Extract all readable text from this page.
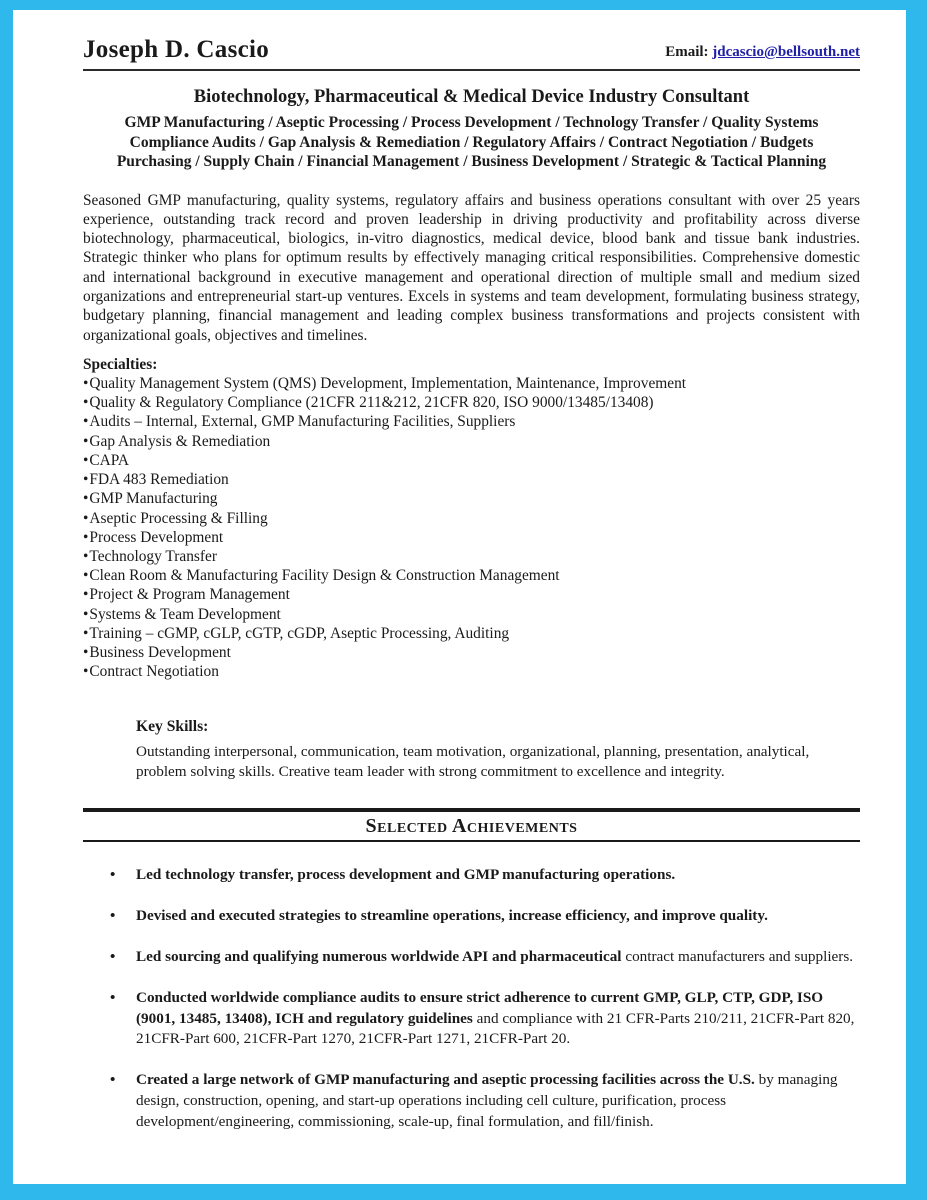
Joseph D. Cascio	Email: jdcascio@bellsouth.net
Biotechnology, Pharmaceutical & Medical Device Industry Consultant
GMP Manufacturing / Aseptic Processing / Process Development / Technology Transfer / Quality Systems
Compliance Audits / Gap Analysis & Remediation / Regulatory Affairs / Contract Negotiation / Budgets
Purchasing / Supply Chain / Financial Management / Business Development / Strategic & Tactical Planning
Seasoned GMP manufacturing, quality systems, regulatory affairs and business operations consultant with over 25 years experience, outstanding track record and proven leadership in driving productivity and profitability across diverse biotechnology, pharmaceutical, biologics, in-vitro diagnostics, medical device, blood bank and tissue bank industries. Strategic thinker who plans for optimum results by effectively managing critical responsibilities. Comprehensive domestic and international background in executive management and operational direction of multiple small and medium sized organizations and entrepreneurial start-up ventures. Excels in systems and team development, formulating business strategy, budgetary planning, financial management and leading complex business transformations and projects consistent with organizational goals, objectives and timelines.
Specialties:
•Quality Management System (QMS) Development, Implementation, Maintenance, Improvement
•Quality & Regulatory Compliance (21CFR 211&212, 21CFR 820, ISO 9000/13485/13408)
•Audits – Internal, External, GMP Manufacturing Facilities, Suppliers
•Gap Analysis & Remediation
•CAPA
•FDA 483 Remediation
•GMP Manufacturing
•Aseptic Processing & Filling
•Process Development
•Technology Transfer
•Clean Room & Manufacturing Facility Design & Construction Management
•Project & Program Management
•Systems & Team Development
•Training – cGMP, cGLP, cGTP, cGDP, Aseptic Processing, Auditing
•Business Development
•Contract Negotiation
Key Skills:
Outstanding interpersonal, communication, team motivation, organizational, planning, presentation, analytical, problem solving skills. Creative team leader with strong commitment to excellence and integrity.
Selected Achievements
•	Led technology transfer, process development and GMP manufacturing operations.
•	Devised and executed strategies to streamline operations, increase efficiency, and improve quality.
•	Led sourcing and qualifying numerous worldwide API and pharmaceutical contract manufacturers and suppliers.
•	Conducted worldwide compliance audits to ensure strict adherence to current GMP, GLP, CTP, GDP, ISO (9001, 13485, 13408), ICH and regulatory guidelines and compliance with 21 CFR-Parts 210/211, 21CFR-Part 820, 21CFR-Part 600, 21CFR-Part 1270, 21CFR-Part 1271, 21CFR-Part 20.
•	Created a large network of GMP manufacturing and aseptic processing facilities across the U.S. by managing design, construction, opening, and start-up operations including cell culture, purification, process development/engineering, commissioning, scale-up, final formulation, and fill/finish.
